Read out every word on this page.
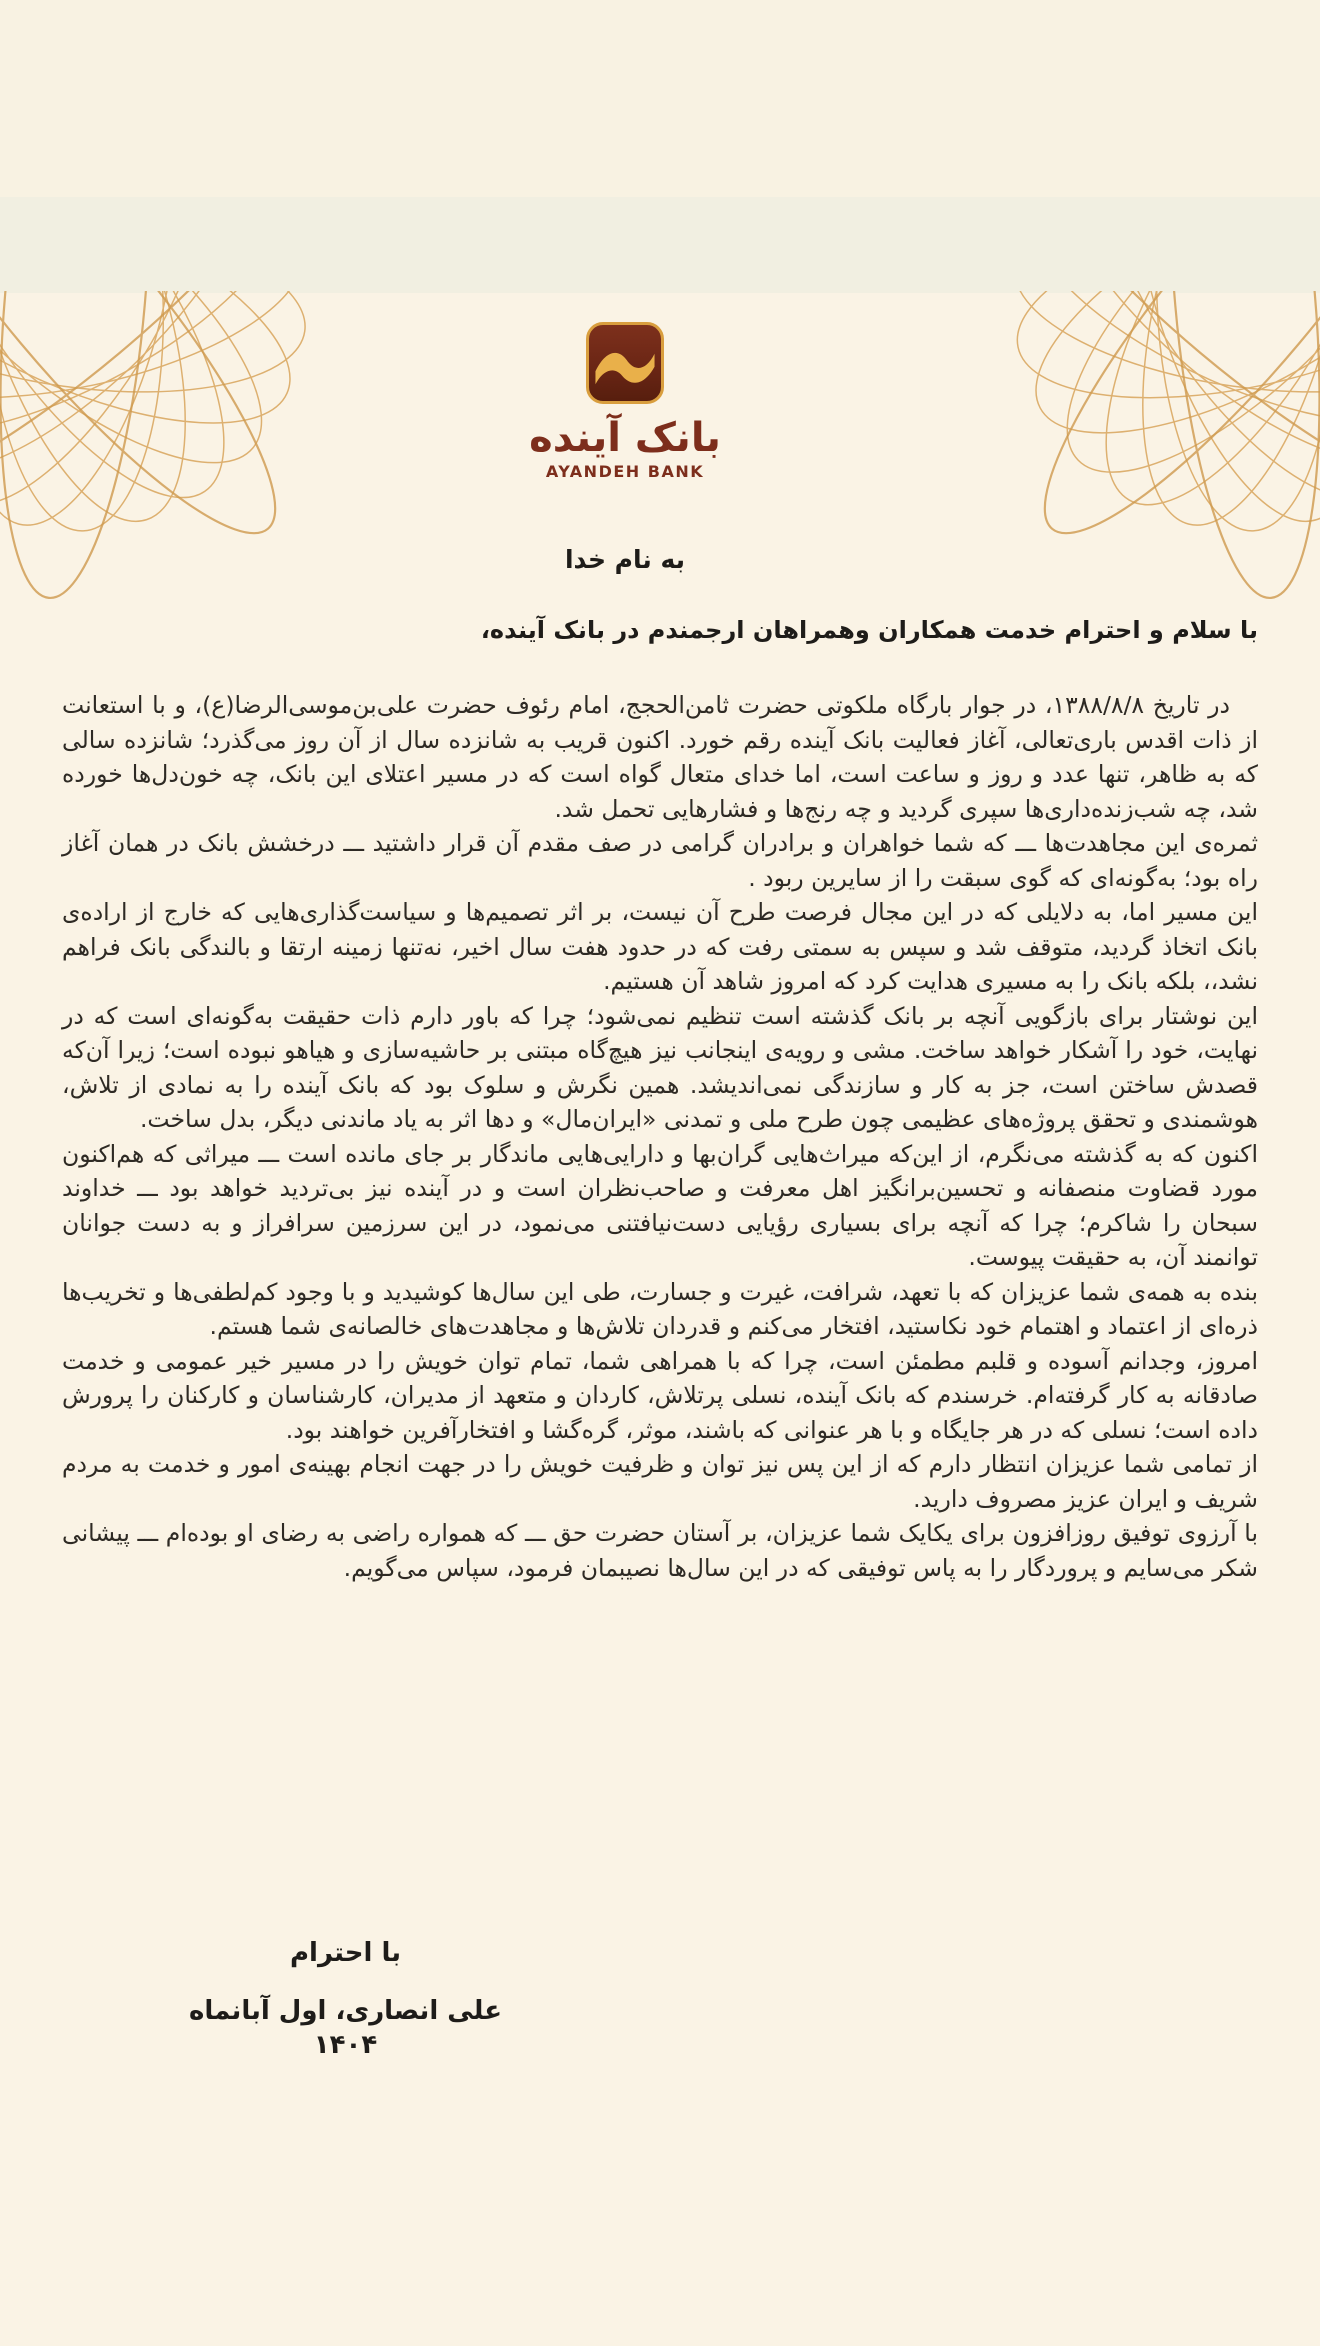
بانک آینده
AYANDEH BANK
به نام خدا
با سلام و احترام خدمت همکاران وهمراهان ارجمندم در بانک آینده،

در تاریخ ۱۳۸۸/۸/۸، در جوار بارگاه ملکوتی حضرت ثامن‌الحجج، امام رئوف حضرت علی‌بن‌موسی‌الرضا(ع)، و با استعانت از ذات اقدس باری‌تعالی، آغاز فعالیت بانک آینده رقم خورد. اکنون قریب به شانزده سال از آن روز می‌گذرد؛ شانزده سالی که به ظاهر، تنها عدد و روز و ساعت است، اما خدای متعال گواه است که در مسیر اعتلای این بانک، چه خون‌دل‌ها خورده شد، چه شب‌زنده‌داری‌ها سپری گردید و چه رنج‌ها و فشارهایی تحمل شد.

ثمره‌ی این مجاهدت‌ها ـــ که شما خواهران و برادران گرامی در صف مقدم آن قرار داشتید ـــ درخشش بانک در همان آغاز راه بود؛ به‌گونه‌ای که گوی سبقت را از سایرین ربود .

این مسیر اما، به دلایلی که در این مجال فرصت طرح آن نیست، بر اثر تصمیم‌ها و سیاست‌گذاری‌هایی که خارج از اراده‌ی بانک اتخاذ گردید، متوقف شد و سپس به سمتی رفت که در حدود هفت سال اخیر، نه‌تنها زمینه ارتقا و بالندگی بانک فراهم نشد،، بلکه بانک را به مسیری هدایت کرد که امروز شاهد آن هستیم.

این نوشتار برای بازگویی آنچه بر بانک گذشته است تنظیم نمی‌شود؛ چرا که باور دارم ذات حقیقت به‌گونه‌ای است که در نهایت، خود را آشکار خواهد ساخت. مشی و رویه‌ی اینجانب نیز هیچ‌گاه مبتنی بر حاشیه‌سازی و هیاهو نبوده است؛ زیرا آن‌که قصدش ساختن است، جز به کار و سازندگی نمی‌اندیشد. همین نگرش و سلوک بود که بانک آینده را به نمادی از تلاش، هوشمندی و تحقق پروژه‌های عظیمی چون طرح ملی و تمدنی «ایران‌مال» و دها اثر به یاد ماندنی دیگر، بدل ساخت.

اکنون که به گذشته می‌نگرم، از این‌که میراث‌هایی گران‌بها و دارایی‌هایی ماندگار بر جای مانده است ـــ میراثی که هم‌اکنون مورد قضاوت منصفانه و تحسین‌برانگیز اهل معرفت و صاحب‌نظران است و در آینده نیز بی‌تردید خواهد بود ـــ خداوند سبحان را شاکرم؛ چرا که آنچه برای بسیاری رؤیایی دست‌نیافتنی می‌نمود، در این سرزمین سرافراز و به دست جوانان توانمند آن، به حقیقت پیوست.

بنده به همه‌ی شما عزیزان که با تعهد، شرافت، غیرت و جسارت، طی این سال‌ها کوشیدید و با وجود کم‌لطفی‌ها و تخریب‌ها ذره‌ای از اعتماد و اهتمام خود نکاستید، افتخار می‌کنم و قدردان تلاش‌ها و مجاهدت‌های خالصانه‌ی شما هستم.

امروز، وجدانم آسوده و قلبم مطمئن است، چرا که با همراهی شما، تمام توان خویش را در مسیر خیر عمومی و خدمت صادقانه به کار گرفته‌ام. خرسندم که بانک آینده، نسلی پرتلاش، کاردان و متعهد از مدیران، کارشناسان و کارکنان را پرورش داده است؛ نسلی که در هر جایگاه و با هر عنوانی که باشند، موثر، گره‌گشا و افتخارآفرین خواهند بود.

از تمامی شما عزیزان انتظار دارم که از این پس نیز توان و ظرفیت خویش را در جهت انجام بهینه‌ی امور و خدمت به مردم شریف و ایران عزیز مصروف دارید.

با آرزوی توفیق روزافزون برای یکایک شما عزیزان، بر آستان حضرت حق ـــ که همواره راضی به رضای او بوده‌ام ـــ پیشانی شکر می‌سایم و پروردگار را به پاس توفیقی که در این سال‌ها نصیبمان فرمود، سپاس می‌گویم.

با احترام
علی انصاری، اول آبانماه ۱۴۰۴
